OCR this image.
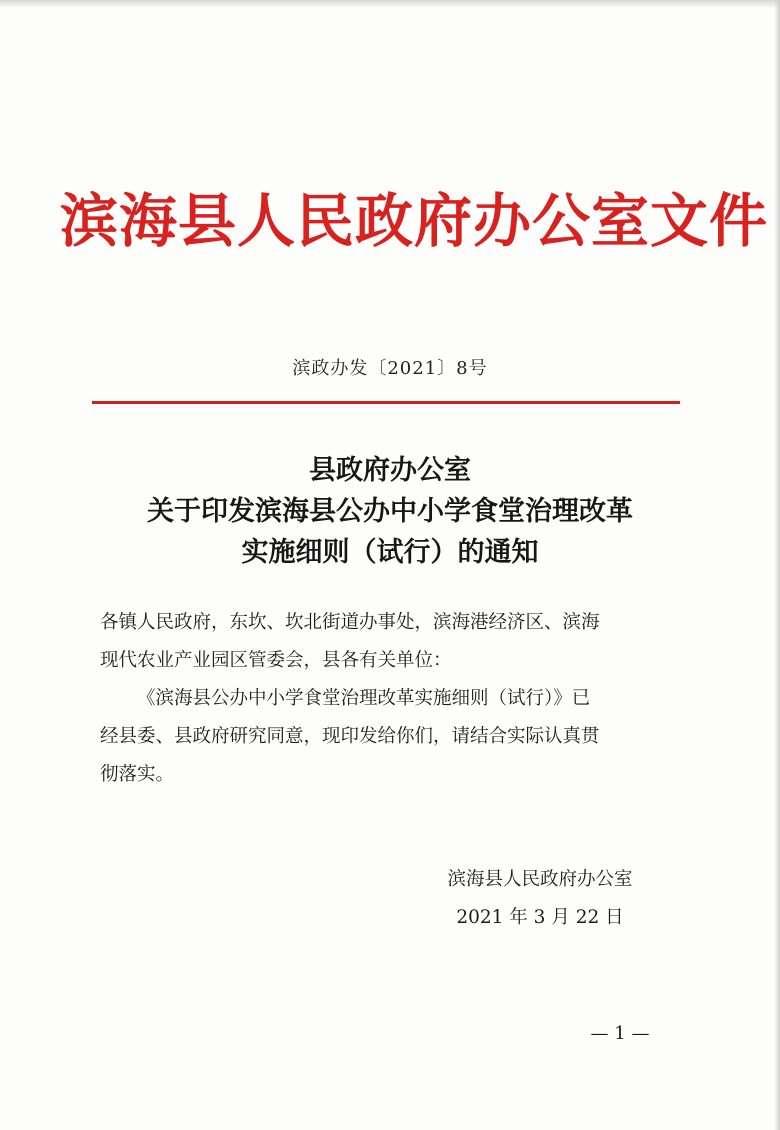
滨海县人民政府办公室文件
滨政办发〔2021〕8号
县政府办公室
关于印发滨海县公办中小学食堂治理改革
实施细则（试行）的通知
各镇人民政府，东坎、坎北街道办事处，滨海港经济区、滨海
现代农业产业园区管委会，县各有关单位：
《滨海县公办中小学食堂治理改革实施细则（试行）》已
经县委、县政府研究同意，现印发给你们，请结合实际认真贯
彻落实。
滨海县人民政府办公室
2021 年 3 月 22 日
— 1 —
